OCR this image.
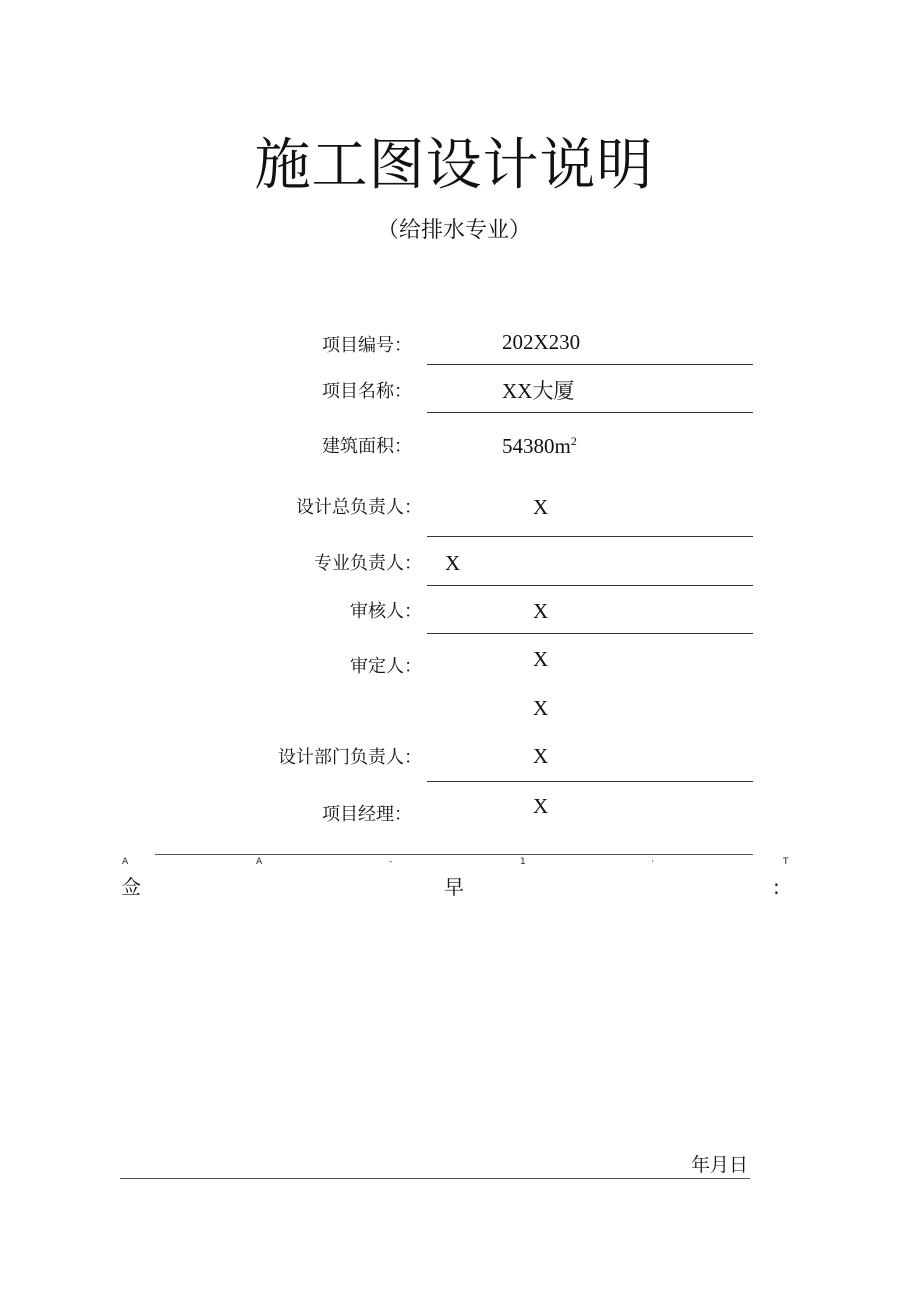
施工图设计说明
（给排水专业）
项目编号：	202X230
项目名称：	XX大厦
建筑面积：	$54380m^2$
设计总负责人：	X
专业负责人： X
审核人：	X
审定人：	X
X
设计部门负责人：	X
项目经理：	X
A	A	-	1	·	T
佥	早	:
年月日
